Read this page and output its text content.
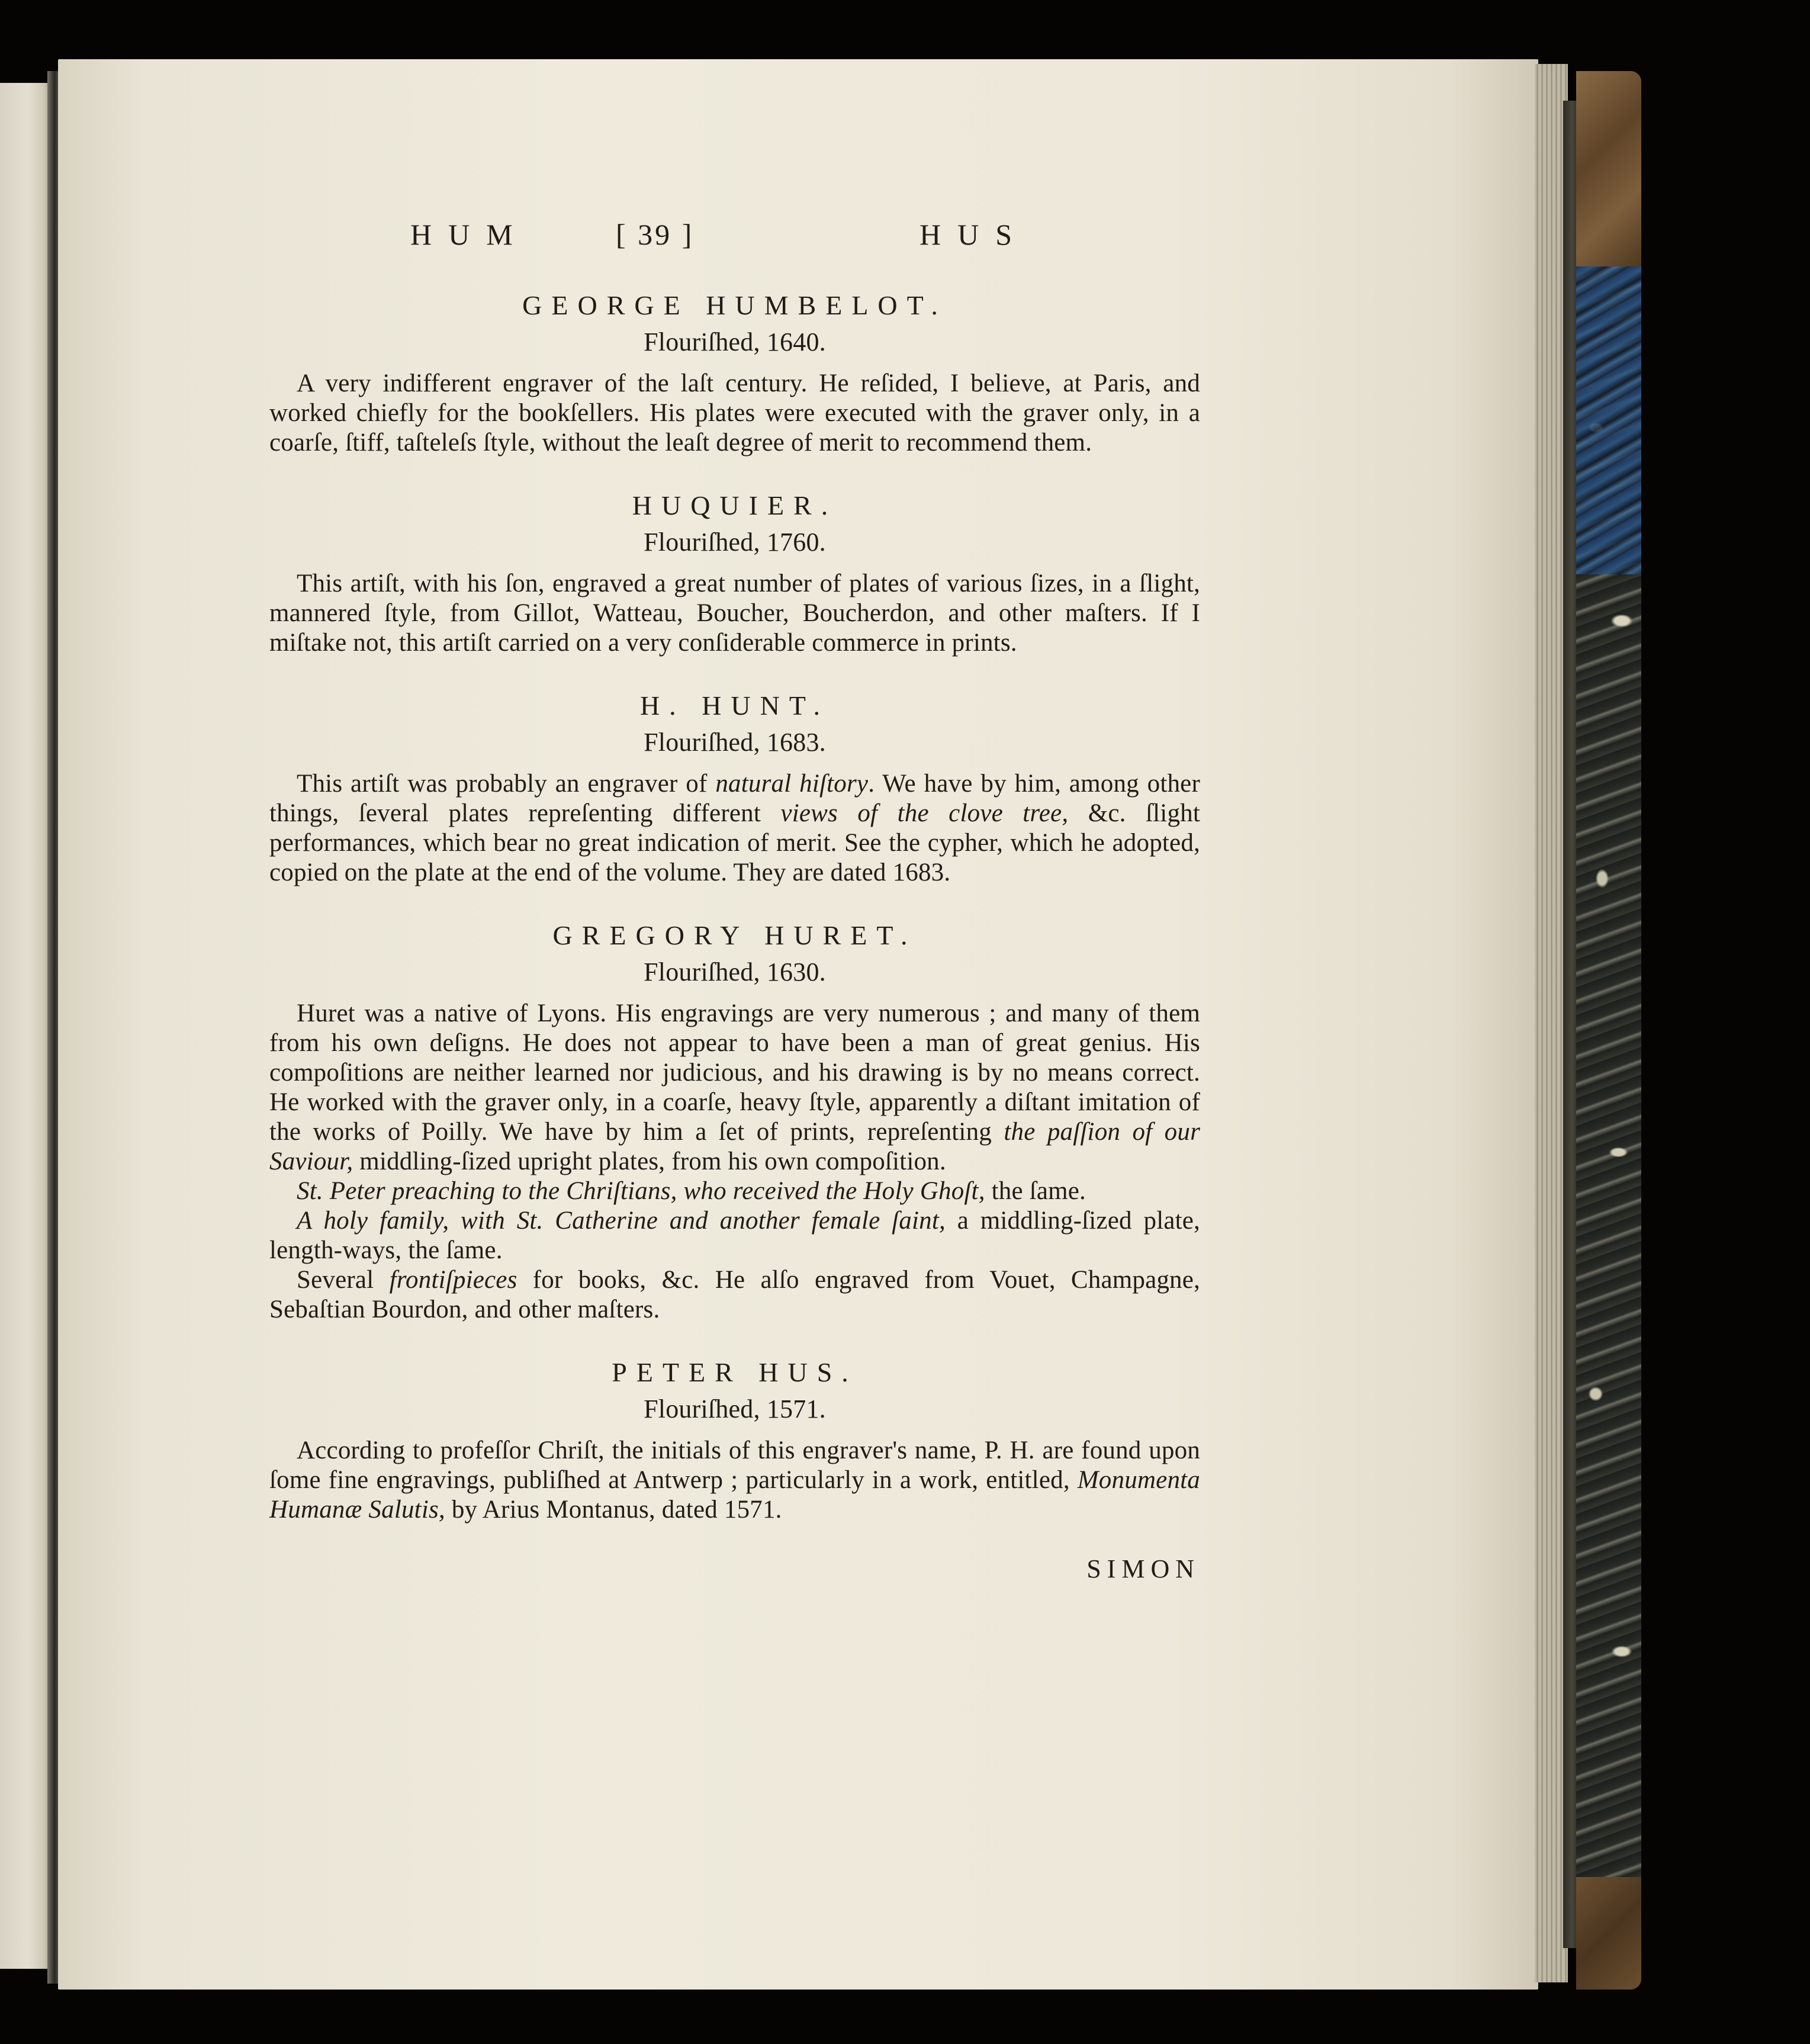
HUM	[ 39 ]	HUS
GEORGE HUMBELOT.
Flouriſhed, 1640.

A very indifferent engraver of the laſt century. He reſided, I believe, at Paris, and worked chiefly for the bookſellers. His plates were executed with the graver only, in a coarſe, ſtiff, taſteleſs ſtyle, without the leaſt degree of merit to recommend them.

HUQUIER.
Flouriſhed, 1760.

This artiſt, with his ſon, engraved a great number of plates of various ſizes, in a ſlight, mannered ſtyle, from Gillot, Watteau, Boucher, Boucherdon, and other maſters. If I miſtake not, this artiſt carried on a very conſiderable commerce in prints.

H. HUNT.
Flouriſhed, 1683.

This artiſt was probably an engraver of natural hiſtory. We have by him, among other things, ſeveral plates repreſenting different views of the clove tree, &c. ſlight performances, which bear no great indication of merit. See the cypher, which he adopted, copied on the plate at the end of the volume. They are dated 1683.

GREGORY HURET.
Flouriſhed, 1630.

Huret was a native of Lyons. His engravings are very numerous ; and many of them from his own deſigns. He does not appear to have been a man of great genius. His compoſitions are neither learned nor judicious, and his drawing is by no means correct. He worked with the graver only, in a coarſe, heavy ſtyle, apparently a diſtant imitation of the works of Poilly. We have by him a ſet of prints, repreſenting the paſſion of our Saviour, middling-ſized upright plates, from his own compoſition.

St. Peter preaching to the Chriſtians, who received the Holy Ghoſt, the ſame.

A holy family, with St. Catherine and another female ſaint, a middling-ſized plate, length-ways, the ſame.

Several frontiſpieces for books, &c. He alſo engraved from Vouet, Champagne, Sebaſtian Bourdon, and other maſters.

PETER HUS.
Flouriſhed, 1571.

According to profeſſor Chriſt, the initials of this engraver's name, P. H. are found upon ſome fine engravings, publiſhed at Antwerp ; particularly in a work, entitled, Monumenta Humanæ Salutis, by Arius Montanus, dated 1571.

SIMON
